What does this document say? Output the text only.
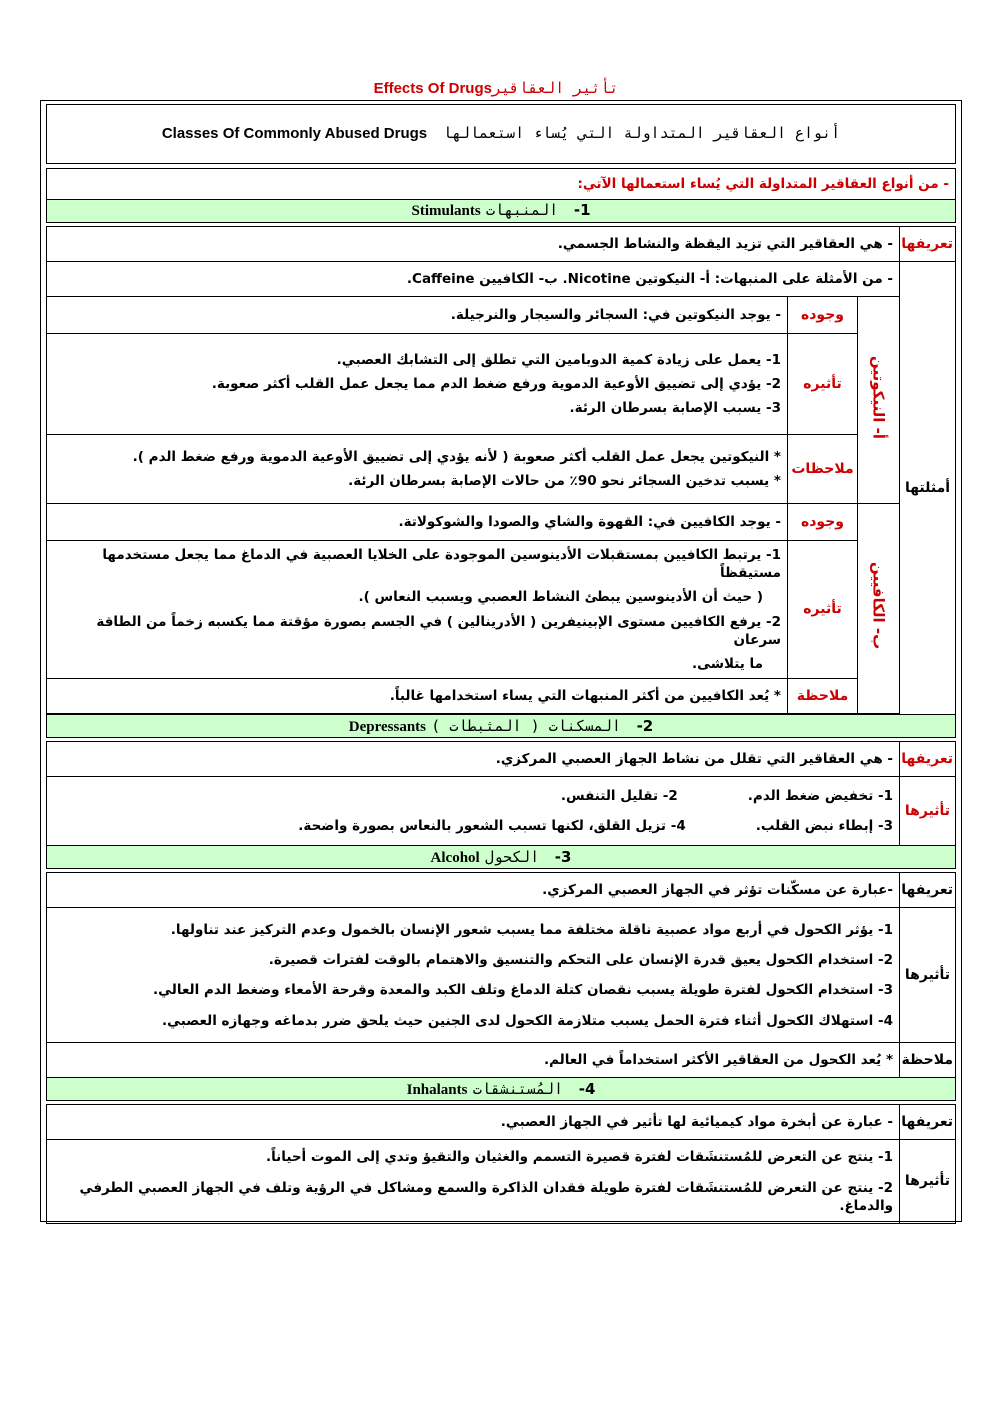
Effects Of Drugsتأثير العقاقير
أنواع العقاقير المتداولة التي يُساء استعمالها   Classes Of Commonly Abused Drugs			

- من أنواع العقاقير المتداولة التي يُساء استعمالها الآتي:			
1-   المنبهات Stimulants			

تعريفها	- هي العقاقير التي تزيد اليقظة والنشاط الجسمي.		
أمثلتها	- من الأمثلة على المنبهات: أ- النيكوتين Nicotine. ب- الكافيين Caffeine.		
	أ- النيكوتين	وجوده	- يوجد النيكوتين في: السجائر والسيجار والنرجيلة.
		تأثيره	1- يعمل على زيادة كمية الدوبامين التي تطلق إلى التشابك العصبي.

2- يؤدي إلى تضييق الأوعية الدموية ورفع ضغط الدم مما يجعل عمل القلب أكثر صعوبة.

3- يسبب الإصابة بسرطان الرئة.

		ملاحظات	* النيكوتين يجعل عمل القلب أكثر صعوبة ( لأنه يؤدي إلى تضييق الأوعية الدموية ورفع ضغط الدم ).

* يسبب تدخين السجائر نحو 90٪ من حالات الإصابة بسرطان الرئة.

	ب- الكافيين	وجوده	- يوجد الكافيين في: القهوة والشاي والصودا والشوكولاتة.
		تأثيره	1- يرتبط الكافيين بمستقبلات الأدينوسين الموجودة على الخلايا العصبية في الدماغ مما يجعل مستخدمها مستيقظاً

( حيث أن الأدينوسين يبطئ النشاط العصبي ويسبب النعاس ).

2- يرفع الكافيين مستوى الإبينيفرين ( الأدرينالين ) في الجسم بصورة مؤقتة مما يكسبه زخماً من الطاقة سرعان

ما يتلاشى.

		ملاحظة	* يُعد الكافيين من أكثر المنبهات التي يساء استخدامها غالباً.

2-   المسكنات ( المثبطات ) Depressants			

تعريفها	- هي العقاقير التي تقلل من نشاط الجهاز العصبي المركزي.		
تأثيرها	1- تخفيض ضغط الدم.2- تقليل التنفس.

3- إبطاء نبض القلب.4- تزيل القلق، لكنها تسبب الشعور بالنعاس بصورة واضحة.		

3-   الكحول Alcohol			

تعريفها	-عبارة عن مسكّنات تؤثر في الجهاز العصبي المركزي.		
تأثيرها	1- يؤثر الكحول في أربع مواد عصبية ناقلة مختلفة مما يسبب شعور الإنسان بالخمول وعدم التركيز عند تناولها.

2- استخدام الكحول يعيق قدرة الإنسان على التحكم والتنسيق والاهتمام بالوقت لفترات قصيرة.

3- استخدام الكحول لفترة طويلة يسبب نقصان كتلة الدماغ وتلف الكبد والمعدة وقرحة الأمعاء وضغط الدم العالي.

4- استهلاك الكحول أثناء فترة الحمل يسبب متلازمة الكحول لدى الجنين حيث يلحق ضرر بدماغه وجهازه العصبي.		

ملاحظة	* يُعد الكحول من العقاقير الأكثر استخداماً في العالم.		
4-   المُستنشقات Inhalants			

تعريفها	- عبارة عن أبخرة مواد كيميائية لها تأثير في الجهاز العصبي.		
تأثيرها	1- ينتج عن التعرض للمُستنشَقات لفترة قصيرة التسمم والغثيان والتقيؤ وتدي إلى الموت أحياناً.

2- ينتج عن التعرض للمُستنشَقات لفترة طويلة فقدان الذاكرة والسمع ومشاكل في الرؤية وتلف في الجهاز العصبي الطرفي والدماغ.		
